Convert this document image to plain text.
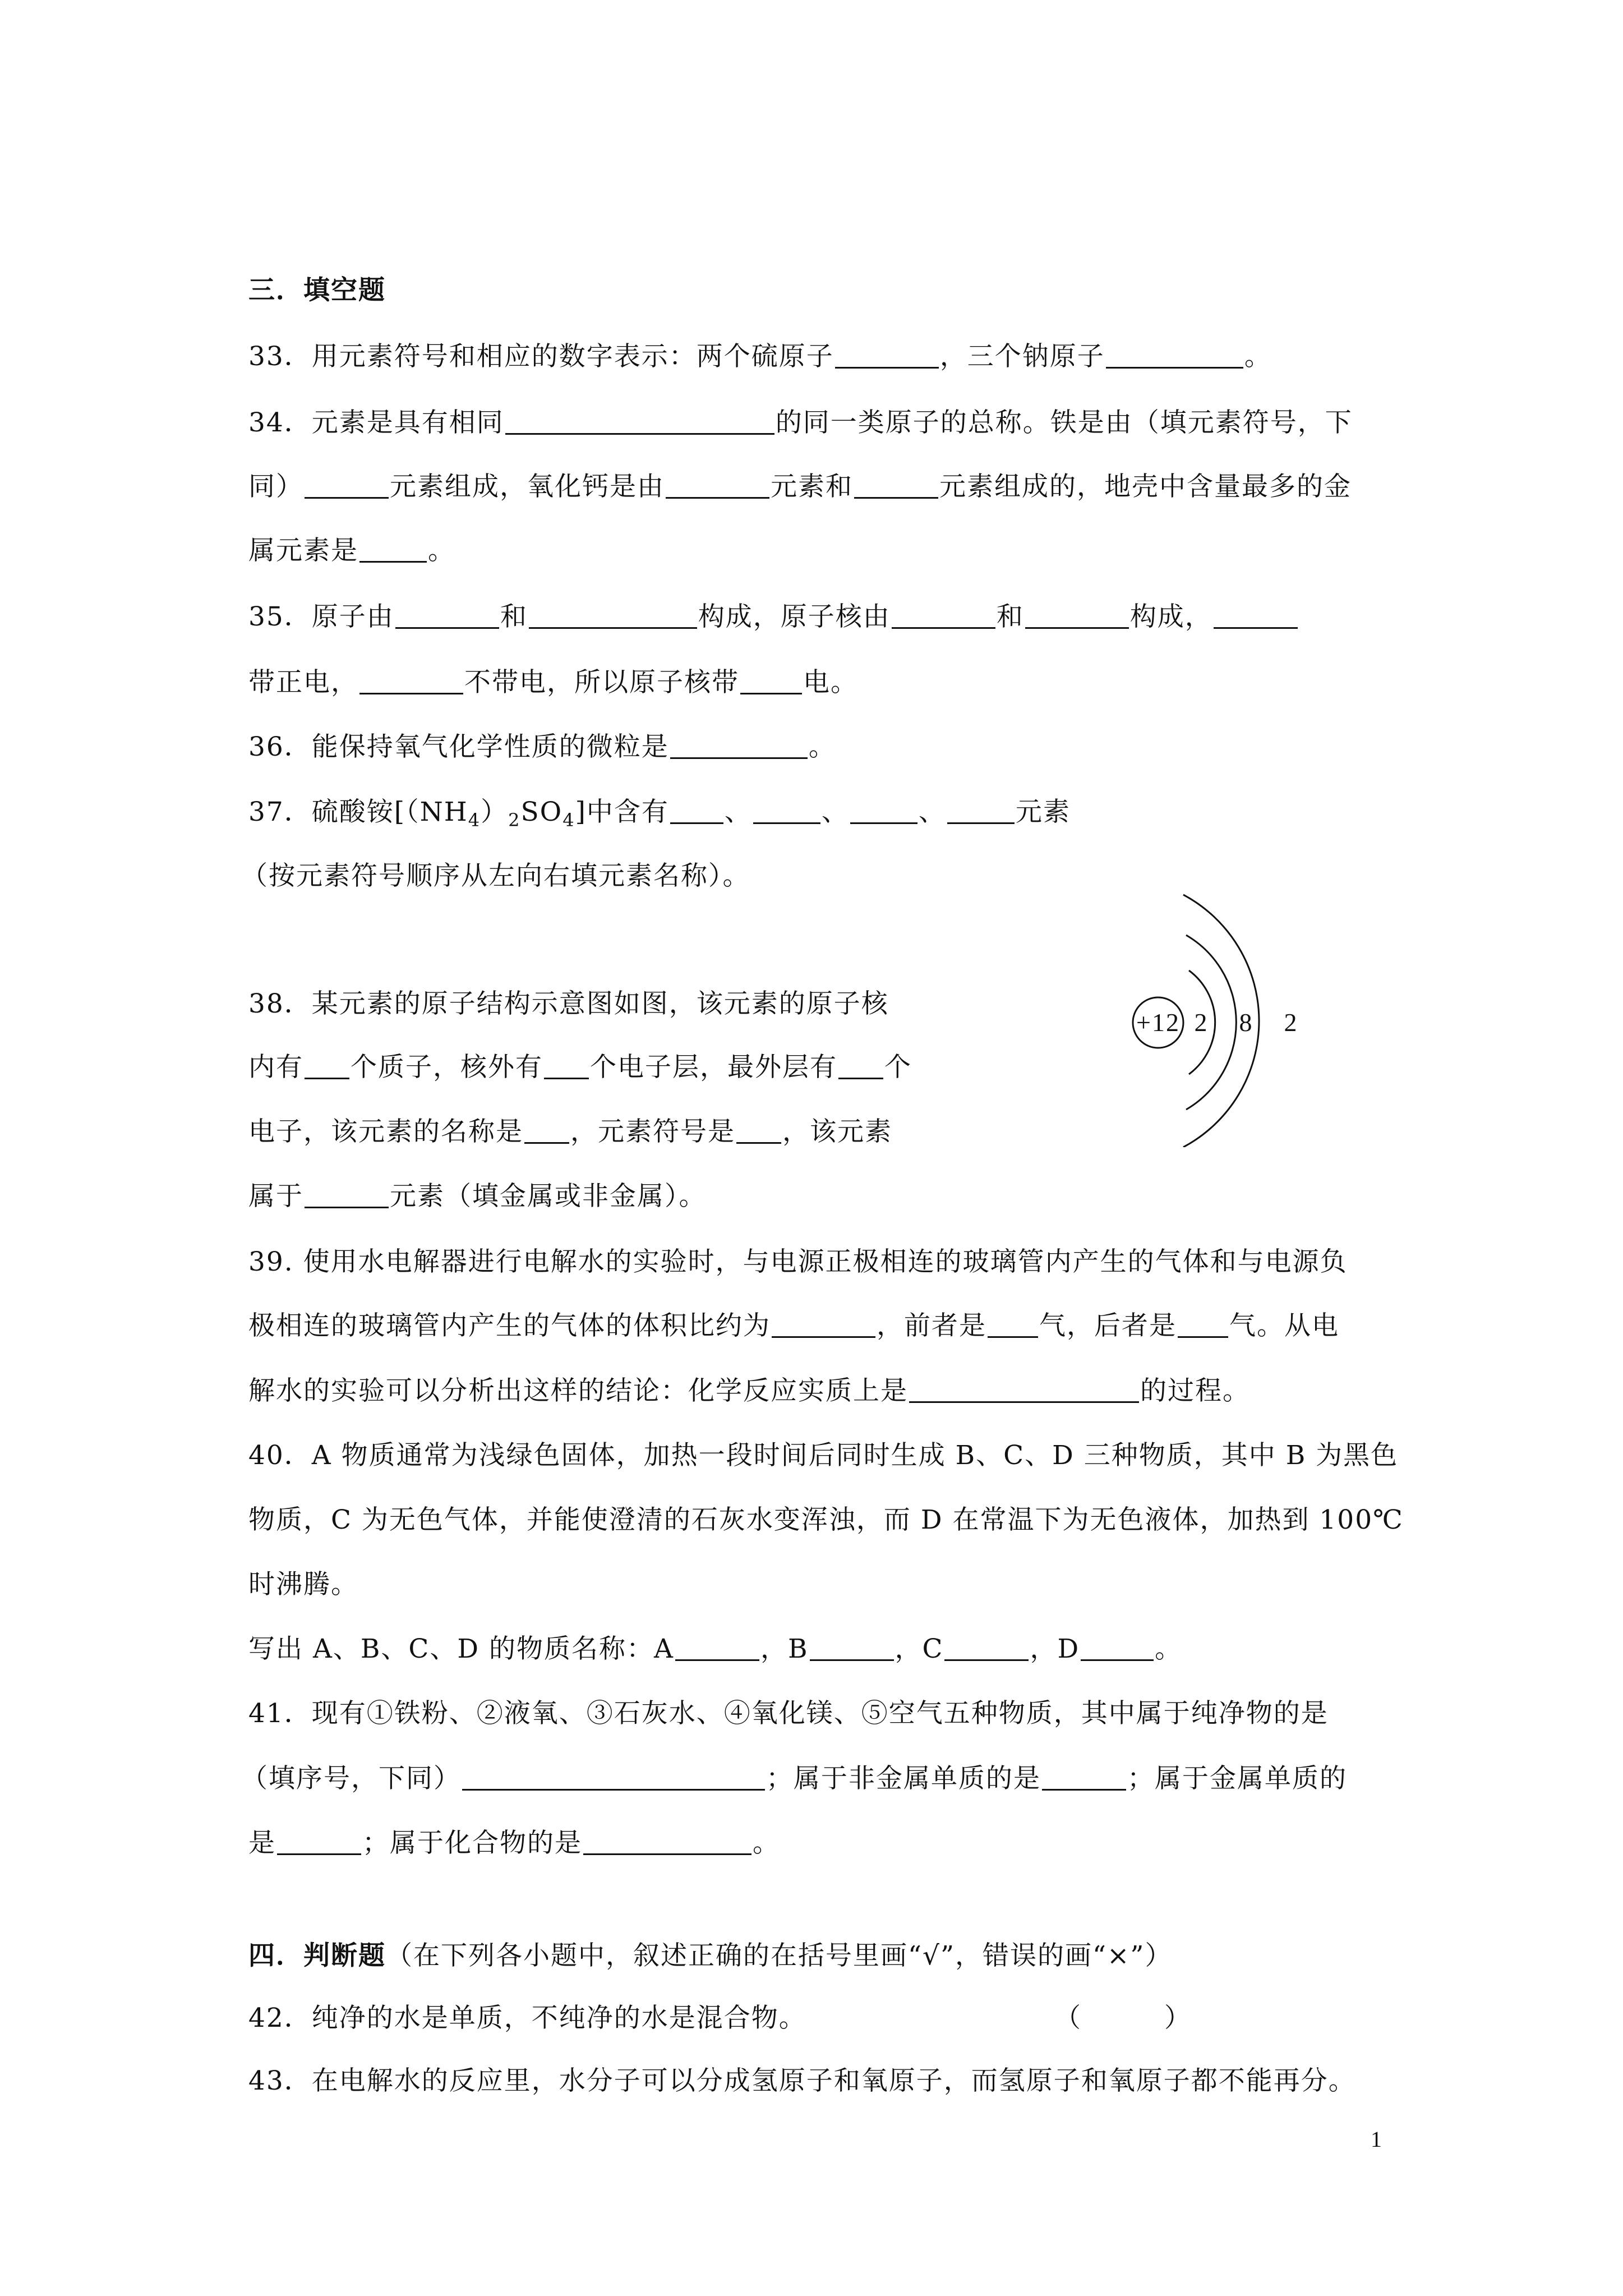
三．填空题
33．用元素符号和相应的数字表示：两个硫原子	，三个钠原子	。
34．元素是具有相同	的同一类原子的总称。铁是由（填元素符号，下
同）	元素组成，氧化钙是由	元素和	元素组成的，地壳中含量最多的金
属元素是	。
35．原子由	和	构成，原子核由	和	构成，
带正电，	不带电，所以原子核带 电。
36．能保持氧气化学性质的微粒是	。
37．硫酸铵$[(NH_4)_2SO_4]$中含有 、	、	、	元素
（按元素符号顺序从左向右填元素名称）。
38．某元素的原子结构示意图如图，该元素的原子核
内有 个质子，核外有 个电子层，最外层有 个
电子，该元素的名称是 ，元素符号是 ，该元素
属于	元素（填金属或非金属）。
+12 2 8 2
39. 使用水电解器进行电解水的实验时，与电源正极相连的玻璃管内产生的气体和与电源负
极相连的玻璃管内产生的气体的体积比约为	，前者是 气，后者是 气。从电
解水的实验可以分析出这样的结论：化学反应实质上是	的过程。
40．A 物质通常为浅绿色固体，加热一段时间后同时生成 B、C、D 三种物质，其中 B 为黑色
物质，C 为无色气体，并能使澄清的石灰水变浑浊，而 D 在常温下为无色液体，加热到 100℃
时沸腾。
写出 A、B、C、D 的物质名称：A	，B	，C	，D	。
41．现有①铁粉、②液氧、③石灰水、④氧化镁、⑤空气五种物质，其中属于纯净物的是
（填序号，下同）	；属于非金属单质的是	；属于金属单质的
是	；属于化合物的是	。
四．判断题（在下列各小题中，叙述正确的在括号里画“√”，错误的画“×”）
42．纯净的水是单质，不纯净的水是混合物。	（　　　）
43．在电解水的反应里，水分子可以分成氢原子和氧原子，而氢原子和氧原子都不能再分。
1
